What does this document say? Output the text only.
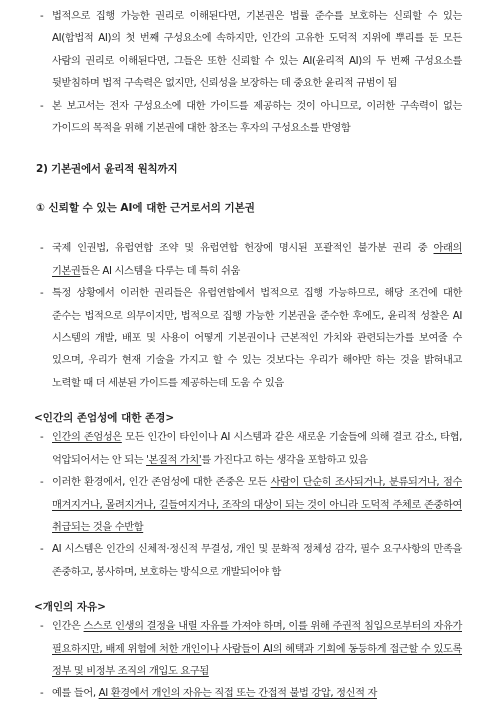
- 법적으로 집행 가능한 권리로 이해된다면, 기본권은 법률 준수를 보호하는 신뢰할 수 있는 AI(합법적 AI)의 첫 번째 구성요소에 속하지만, 인간의 고유한 도덕적 지위에 뿌리를 둔 모든 사람의 권리로 이해된다면, 그들은 또한 신뢰할 수 있는 AI(윤리적 AI)의 두 번째 구성요소를 뒷받침하며 법적 구속력은 없지만, 신뢰성을 보장하는 데 중요한 윤리적 규범이 됨

- 본 보고서는 전자 구성요소에 대한 가이드를 제공하는 것이 아니므로, 이러한 구속력이 없는 가이드의 목적을 위해 기본권에 대한 참조는 후자의 구성요소를 반영함

2) 기본권에서 윤리적 원칙까지
① 신뢰할 수 있는 AI에 대한 근거로서의 기본권

- 국제 인권법, 유럽연합 조약 및 유럽연합 헌장에 명시된 포괄적인 불가분 권리 중 아래의 기본권들은 AI 시스템을 다루는 데 특히 쉬움

- 특정 상황에서 이러한 권리들은 유럽연합에서 법적으로 집행 가능하므로, 해당 조건에 대한 준수는 법적으로 의무이지만, 법적으로 집행 가능한 기본권을 준수한 후에도, 윤리적 성찰은 AI 시스템의 개발, 배포 및 사용이 어떻게 기본권이나 근본적인 가치와 관련되는가를 보여줄 수 있으며, 우리가 현재 기술을 가지고 할 수 있는 것보다는 우리가 해야만 하는 것을 밝혀내고 노력할 때 더 세분된 가이드를 제공하는데 도움 수 있음

<인간의 존엄성에 대한 존경>

- 인간의 존엄성은 모든 인간이 타인이나 AI 시스템과 같은 새로운 기술들에 의해 결코 감소, 타협, 억압되어서는 안 되는 '본질적 가치'를 가진다고 하는 생각을 포함하고 있음

- 이러한 환경에서, 인간 존엄성에 대한 존중은 모든 사람이 단순히 조사되거나, 분류되거나, 점수 매겨지거나, 몰려지거나, 길들여지거나, 조작의 대상이 되는 것이 아니라 도덕적 주체로 존중하여 취급되는 것을 수반함

- AI 시스템은 인간의 신체적·정신적 무결성, 개인 및 문화적 정체성 감각, 필수 요구사항의 만족을 존중하고, 봉사하며, 보호하는 방식으로 개발되어야 함

<개인의 자유>

- 인간은 스스로 인생의 결정을 내릴 자유를 가져야 하며, 이를 위해 주권적 침입으로부터의 자유가 필요하지만, 배제 위험에 처한 개인이나 사람들이 AI의 혜택과 기회에 동등하게 접근할 수 있도록 정부 및 비정부 조직의 개입도 요구됨

- 예를 들어, AI 환경에서 개인의 자유는 직접 또는 간접적 불법 강압, 정신적 자
